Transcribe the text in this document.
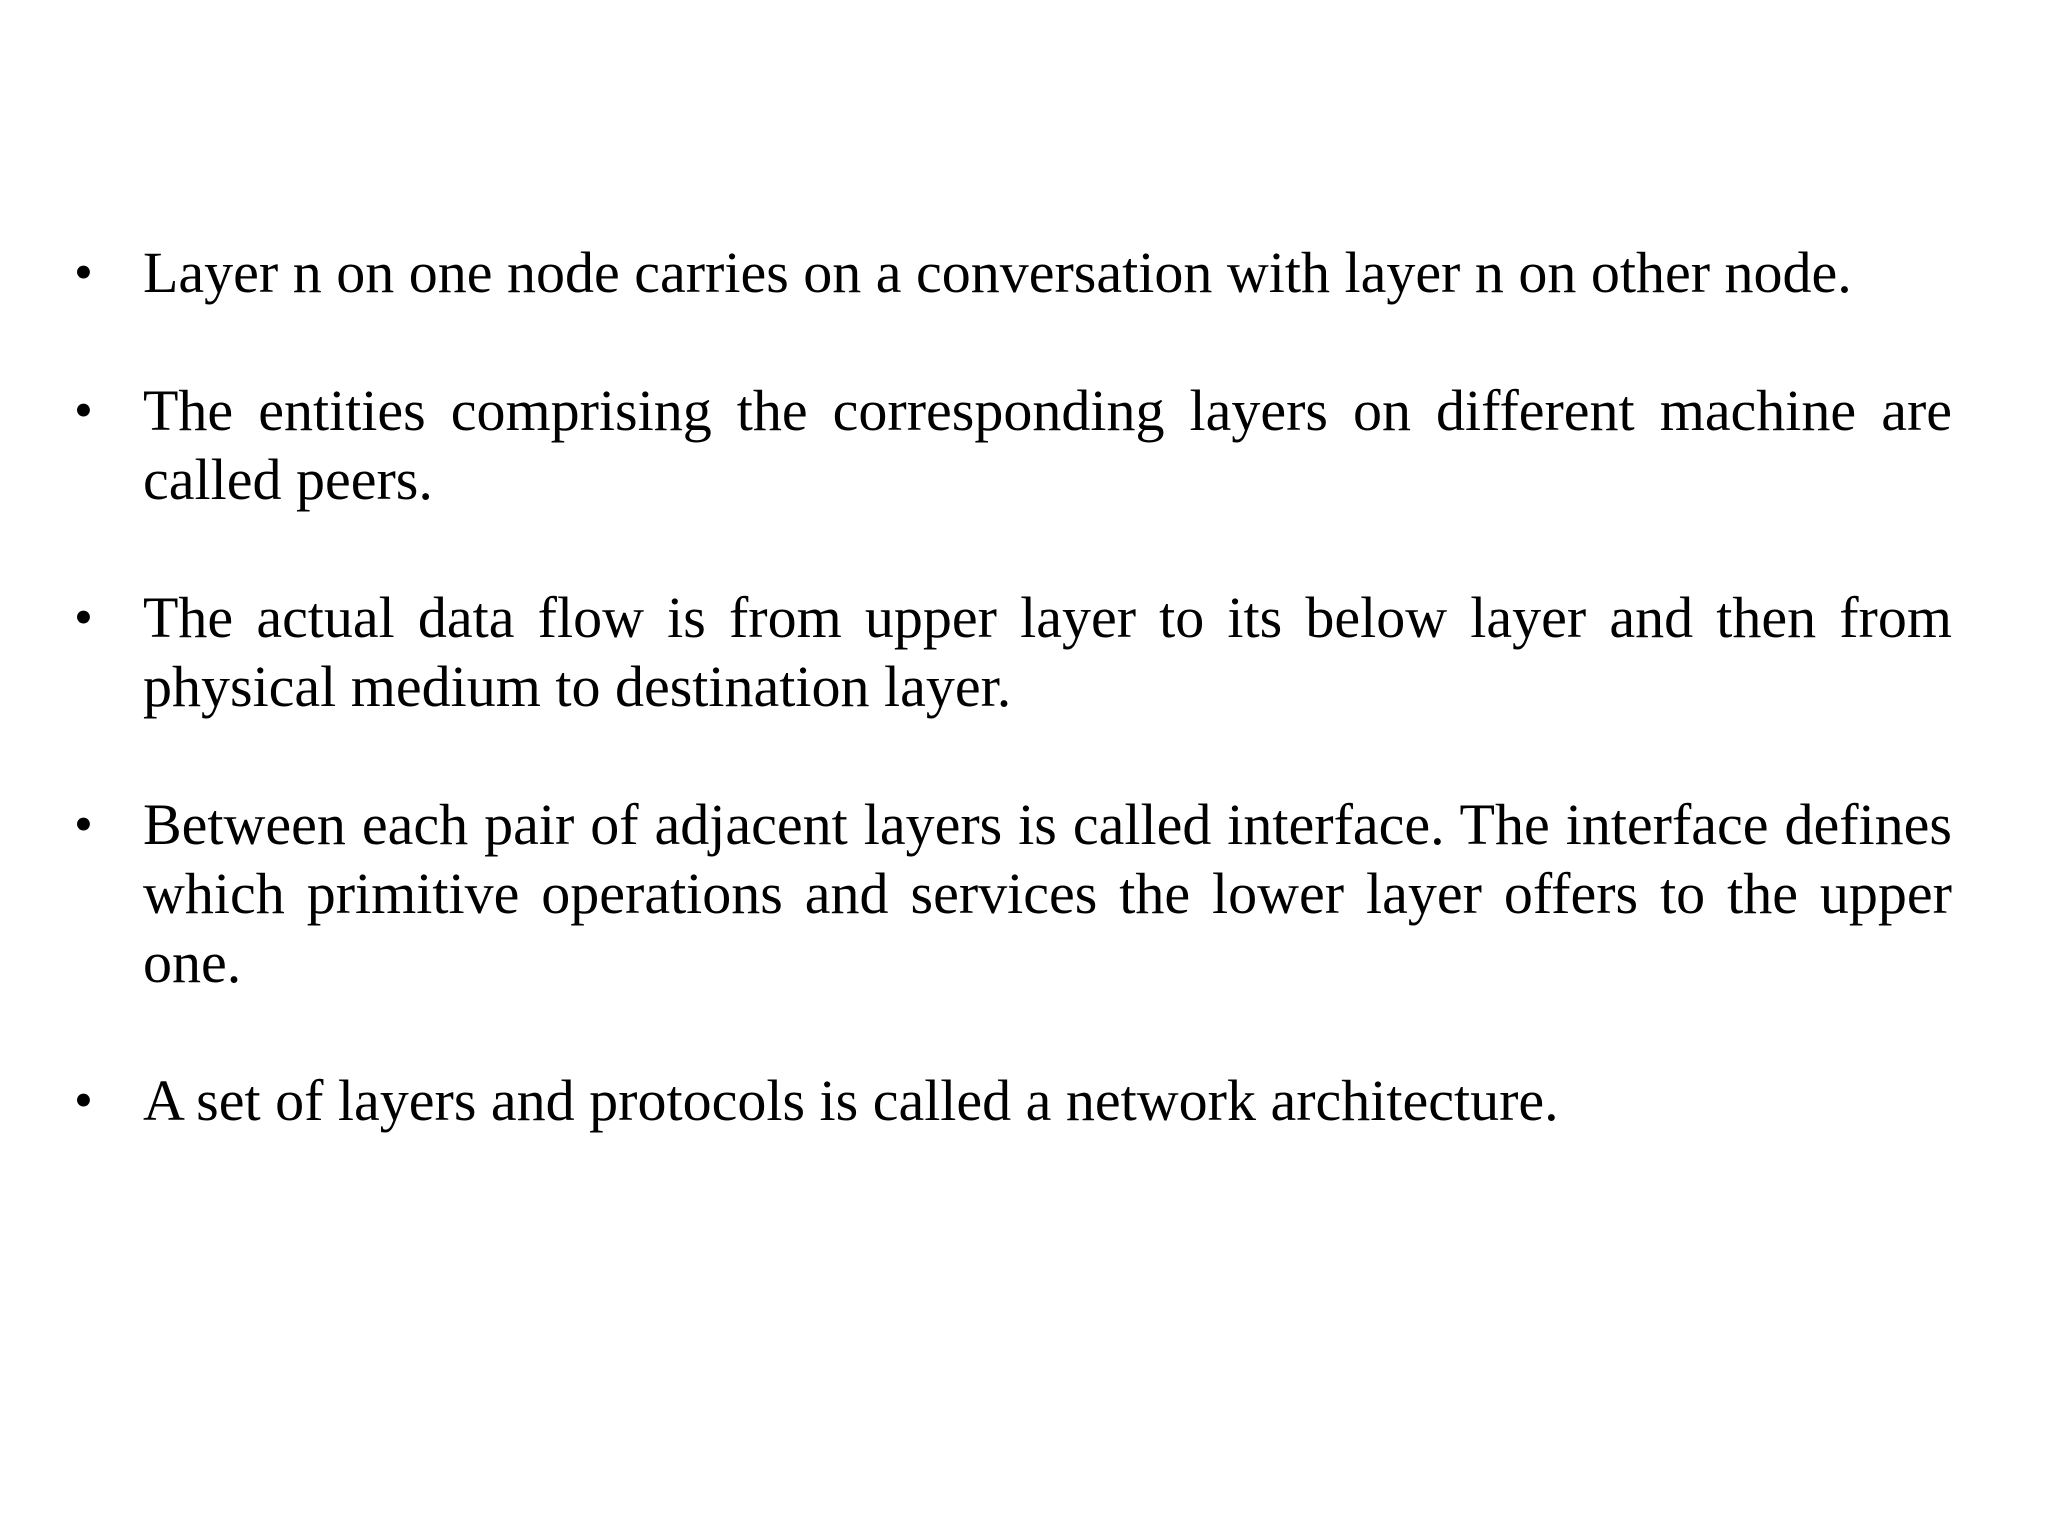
• Layer n on one node carries on a conversation with layer n on other node.

• The entities comprising the corresponding layers on different machine are called peers.

• The actual data flow is from upper layer to its below layer and then from physical medium to destination layer.

• Between each pair of adjacent layers is called interface. The interface defines which primitive operations and services the lower layer offers to the upper one.

• A set of layers and protocols is called a network architecture.
